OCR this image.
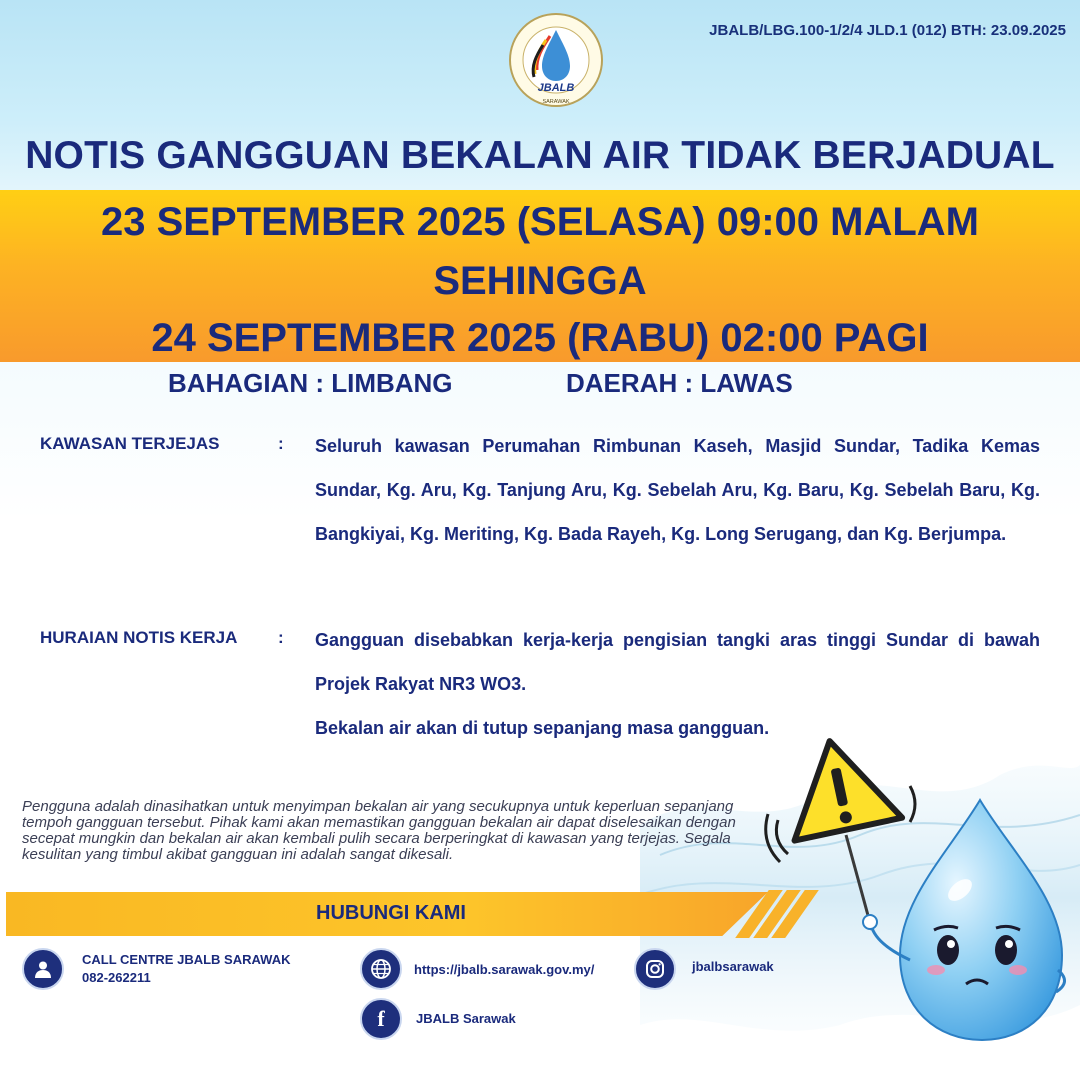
JBALB
SARAWAK
JBALB/LBG.100-1/2/4 JLD.1 (012) BTH: 23.09.2025
NOTIS GANGGUAN BEKALAN AIR TIDAK BERJADUAL
23 SEPTEMBER 2025 (SELASA) 09:00 MALAM
SEHINGGA
24 SEPTEMBER 2025 (RABU) 02:00 PAGI
BAHAGIAN : LIMBANG	DAERAH : LAWAS
KAWASAN TERJEJAS	: Seluruh kawasan Perumahan Rimbunan Kaseh, Masjid Sundar, Tadika Kemas Sundar, Kg. Aru, Kg. Tanjung Aru, Kg. Sebelah Aru, Kg. Baru, Kg. Sebelah Baru, Kg. Bangkiyai, Kg. Meriting, Kg. Bada Rayeh, Kg. Long Serugang, dan Kg. Berjumpa.

HURAIAN NOTIS KERJA : Gangguan disebabkan kerja-kerja pengisian tangki aras tinggi Sundar di bawah Projek Rakyat NR3 WO3.

Bekalan air akan di tutup sepanjang masa gangguan.

Pengguna adalah dinasihatkan untuk menyimpan bekalan air yang secukupnya untuk keperluan sepanjang tempoh gangguan tersebut. Pihak kami akan memastikan gangguan bekalan air dapat diselesaikan dengan secepat mungkin dan bekalan air akan kembali pulih secara berperingkat di kawasan yang terjejas. Segala kesulitan yang timbul akibat gangguan ini adalah sangat dikesali.
HUBUNGI KAMI
CALL CENTRE JBALB SARAWAK
082-262211
https://jbalb.sarawak.gov.my/	jbalbsarawak
f JBALB Sarawak
